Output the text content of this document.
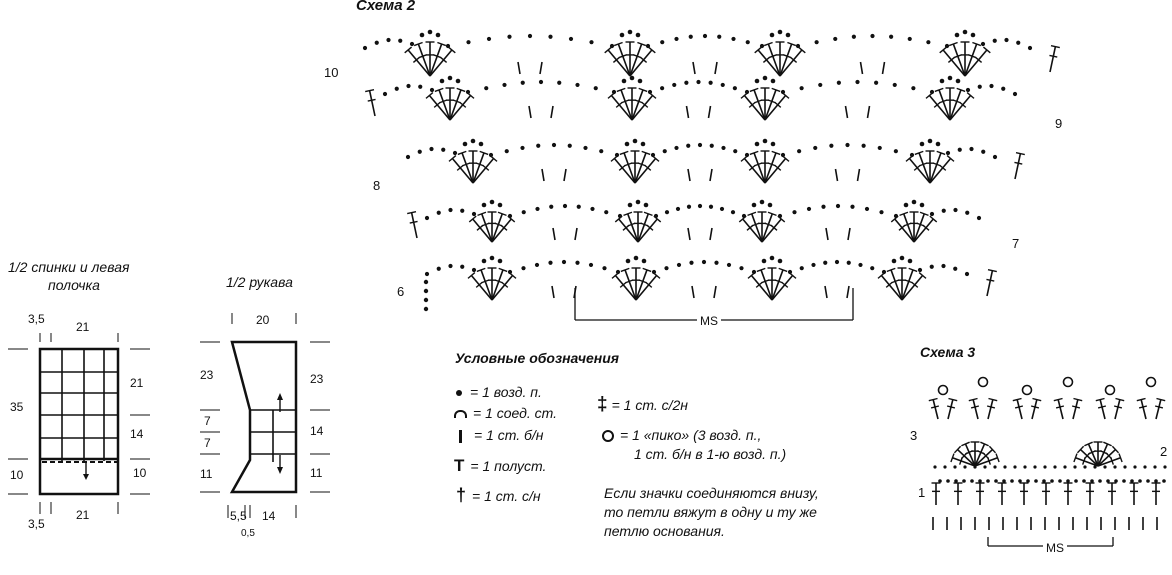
Схема 2
10
9
8
7
6
MS
1/2 спинки и левая
полочка
3,5
21
35
21
14
10	10
3,5
21
1/2 рукава
20
23	23
7
7
14
11	11
5,5 14
0,5
Условные обозначения
= 1 возд. п.
= 1 соед. ст.
= 1 ст. б/н
T = 1 полуст.
† = 1 ст. с/н
‡ = 1 ст. с/2н
= 1 «пико» (3 возд. п.,
1 ст. б/н в 1-ю возд. п.)
Если значки соединяются внизу,
то петли вяжут в одну и ту же
петлю основания.
Схема 3
3
2
1
MS
